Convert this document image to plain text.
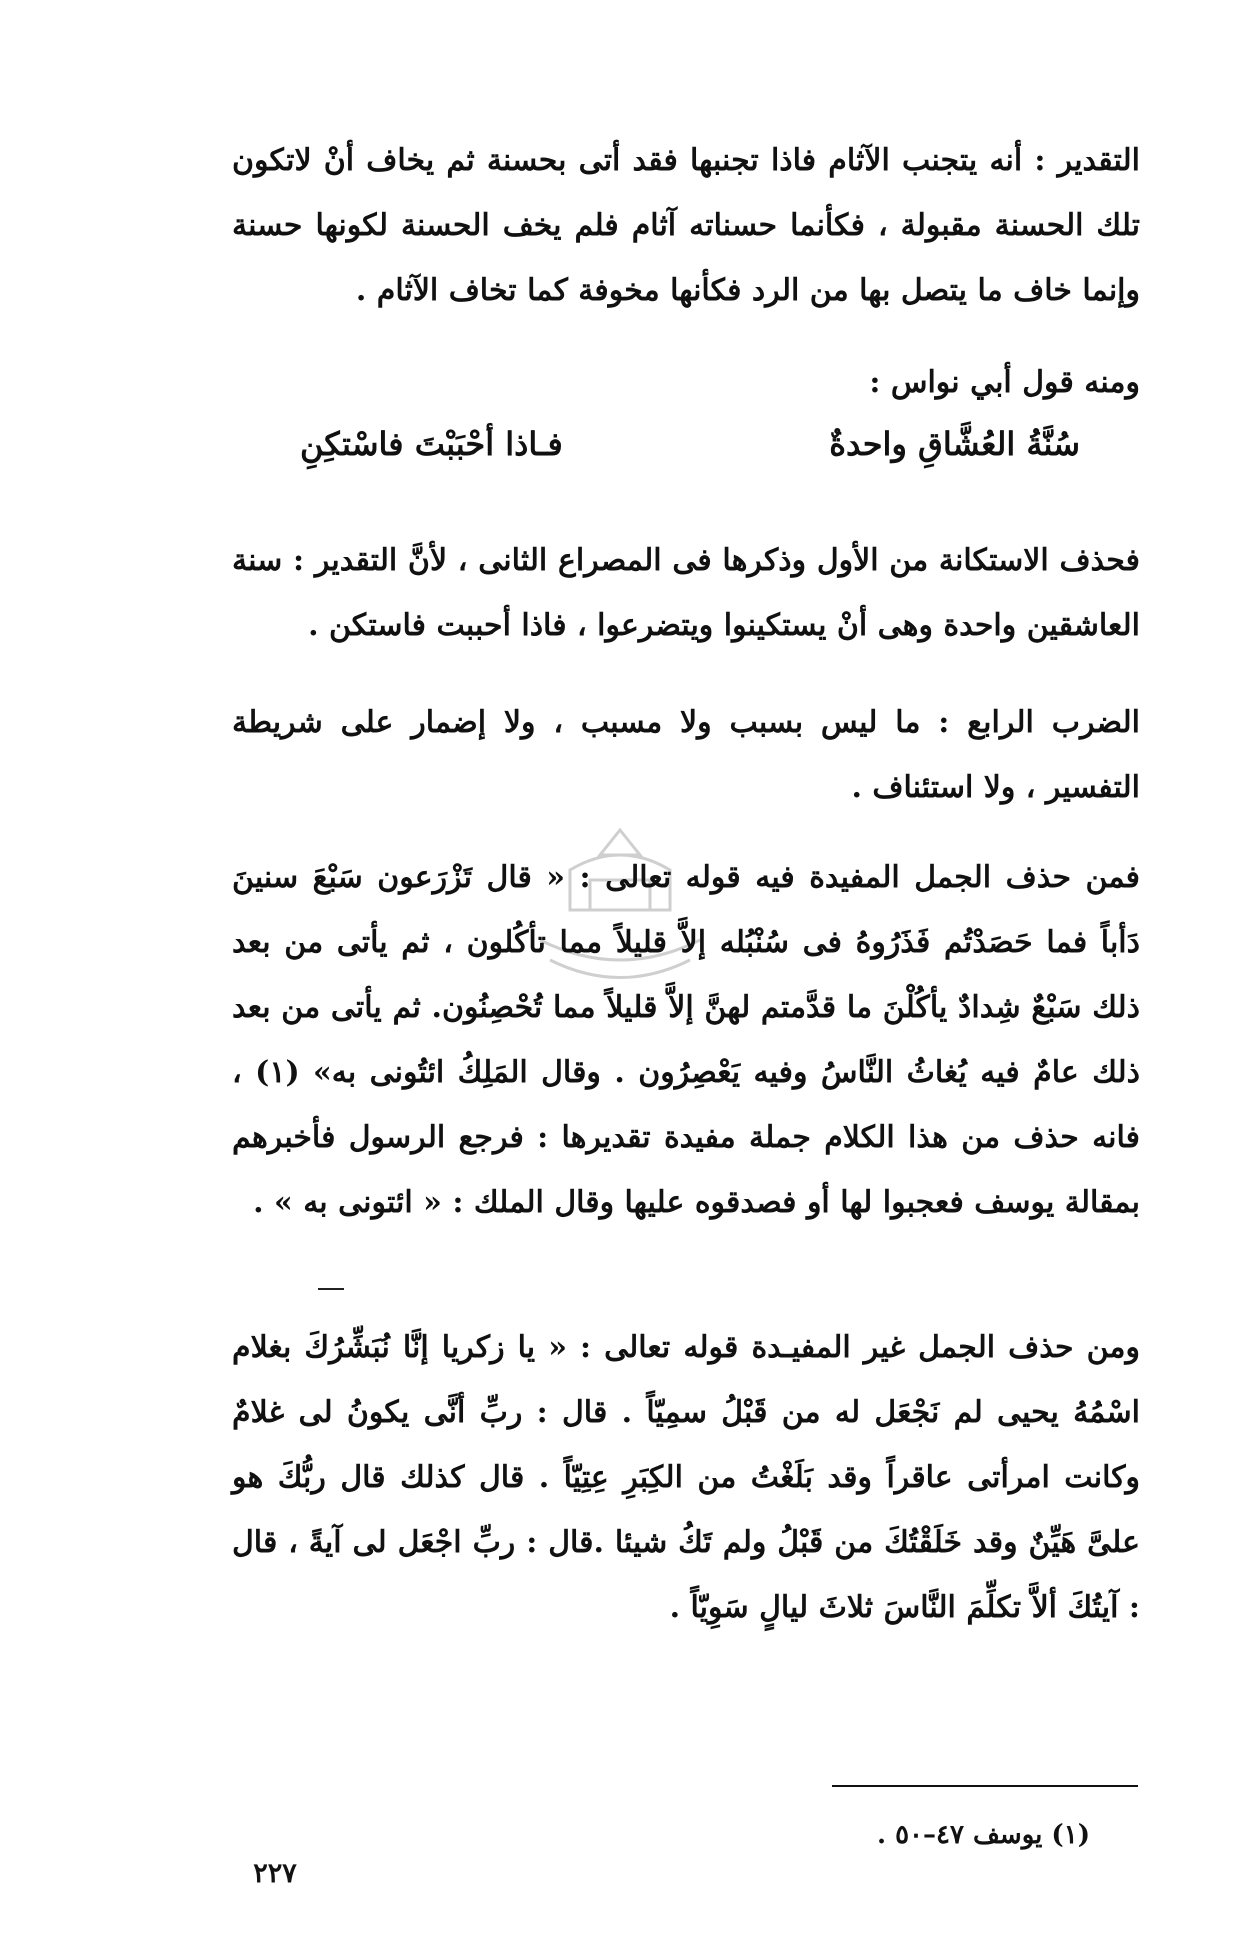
التقدير : أنه يتجنب الآثام فاذا تجنبها فقد أتى بحسنة ثم يخاف أنْ لاتكون تلك الحسنة مقبولة ، فكأنما حسناته آثام فلم يخف الحسنة لكونها حسنة وإنما خاف ما يتصل بها من الرد فكأنها مخوفة كما تخاف الآثام .

ومنه قول أبي نواس :

سُنَّةُ العُشَّاقِ واحدةٌ
فـاذا أحْبَبْتَ فاسْتكِنِ

فحذف الاستكانة من الأول وذكرها فى المصراع الثانى ، لأنَّ التقدير : سنة العاشقين واحدة وهى أنْ يستكينوا ويتضرعوا ، فاذا أحببت فاستكن .

الضرب الرابع : ما ليس بسبب ولا مسبب ، ولا إضمار على شريطة التفسير ، ولا استئناف .

فمن حذف الجمل المفيدة فيه قوله تعالى : « قال تَزْرَعون سَبْعَ سنينَ دَأباً فما حَصَدْتُم فَذَرُوهُ فى سُنْبُله إلاَّ قليلاً مما تأكُلون ، ثم يأتى من بعد ذلك سَبْعٌ شِدادٌ يأكُلْنَ ما قدَّمتم لهنَّ إلاَّ قليلاً مما تُحْصِنُون. ثم يأتى من بعد ذلك عامٌ فيه يُغاثُ النَّاسُ وفيه يَعْصِرُون . وقال المَلِكُ ائتُونى به» (١) ، فانه حذف من هذا الكلام جملة مفيدة تقديرها : فرجع الرسول فأخبرهم بمقالة يوسف فعجبوا لها أو فصدقوه عليها وقال الملك : « ائتونى به » .

ومن حذف الجمل غير المفيـدة قوله تعالى : « يا زكريا إنَّا نُبَشِّرُكَ بغلام اسْمُهُ يحيى لم نَجْعَل له من قَبْلُ سمِيّاً . قال : ربِّ أنَّى يكونُ لى غلامٌ وكانت امرأتى عاقراً وقد بَلَغْتُ من الكِبَرِ عِتِيّاً . قال كذلك قال ربُّكَ هو علىَّ هَيِّنٌ وقد خَلَقْتُكَ من قَبْلُ ولم تَكُ شيئا .قال : ربِّ اجْعَل لى آيةً ، قال : آيتُكَ ألاَّ تكلِّمَ النَّاسَ ثلاثَ ليالٍ سَوِيّاً .

(١) يوسف ٤٧–٥٠ .
٢٢٧
